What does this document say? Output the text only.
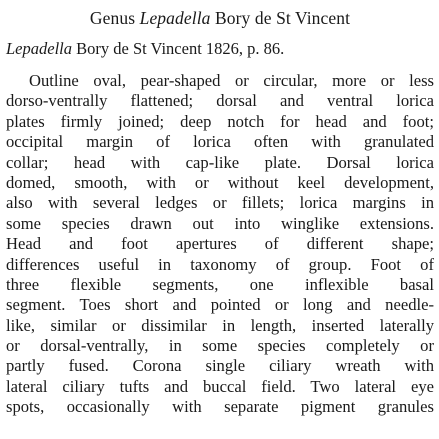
Genus Lepadella Bory de St Vincent
Lepadella Bory de St Vincent 1826, p. 86.
Outline oval, pear-shaped or circular, more or less
dorso-ventrally flattened; dorsal and ventral lorica
plates firmly joined; deep notch for head and foot;
occipital margin of lorica often with granulated
collar; head with cap-like plate. Dorsal lorica
domed, smooth, with or without keel development,
also with several ledges or fillets; lorica margins in
some species drawn out into winglike extensions.
Head and foot apertures of different shape;
differences useful in taxonomy of group. Foot of
three flexible segments, one inflexible basal
segment. Toes short and pointed or long and needle-
like, similar or dissimilar in length, inserted laterally
or dorsal-ventrally, in some species completely or
partly fused. Corona single ciliary wreath with
lateral ciliary tufts and buccal field. Two lateral eye
spots, occasionally with separate pigment granules
